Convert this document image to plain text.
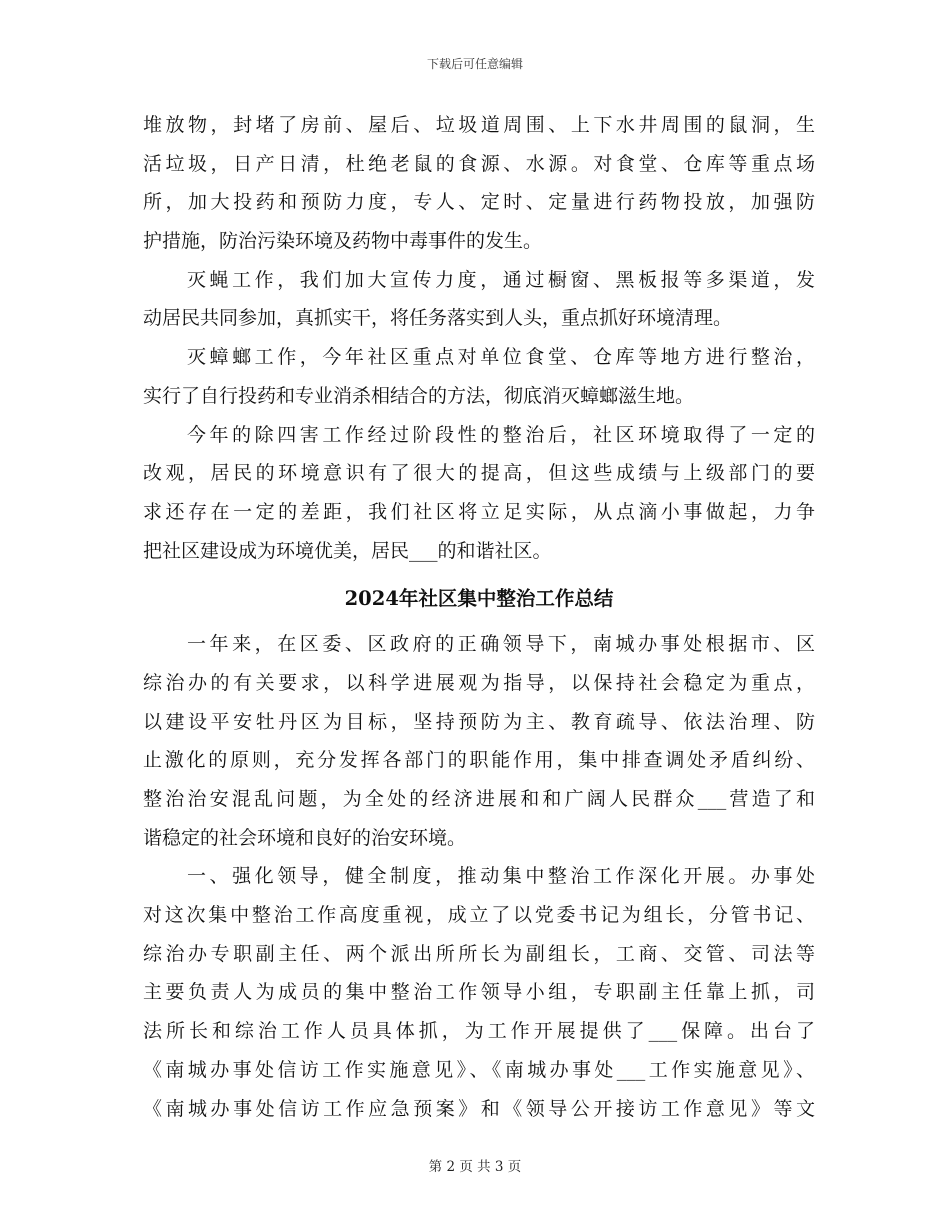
下载后可任意编辑
堆放物，封堵了房前、屋后、垃圾道周围、上下水井周围的鼠洞，生
活垃圾，日产日清，杜绝老鼠的食源、水源。对食堂、仓库等重点场
所，加大投药和预防力度，专人、定时、定量进行药物投放，加强防
护措施，防治污染环境及药物中毒事件的发生。
灭蝇工作，我们加大宣传力度，通过橱窗、黑板报等多渠道，发
动居民共同参加，真抓实干，将任务落实到人头，重点抓好环境清理。
灭蟑螂工作，今年社区重点对单位食堂、仓库等地方进行整治，
实行了自行投药和专业消杀相结合的方法，彻底消灭蟑螂滋生地。
今年的除四害工作经过阶段性的整治后，社区环境取得了一定的
改观，居民的环境意识有了很大的提高，但这些成绩与上级部门的要
求还存在一定的差距，我们社区将立足实际，从点滴小事做起，力争
把社区建设成为环境优美，居民___的和谐社区。
2024年社区集中整治工作总结
一年来，在区委、区政府的正确领导下，南城办事处根据市、区
综治办的有关要求，以科学进展观为指导，以保持社会稳定为重点，
以建设平安牡丹区为目标，坚持预防为主、教育疏导、依法治理、防
止激化的原则，充分发挥各部门的职能作用，集中排查调处矛盾纠纷、
整治治安混乱问题，为全处的经济进展和和广阔人民群众___营造了和
谐稳定的社会环境和良好的治安环境。
一、强化领导，健全制度，推动集中整治工作深化开展。办事处
对这次集中整治工作高度重视，成立了以党委书记为组长，分管书记、
综治办专职副主任、两个派出所所长为副组长，工商、交管、司法等
主要负责人为成员的集中整治工作领导小组，专职副主任靠上抓，司
法所长和综治工作人员具体抓，为工作开展提供了___保障。出台了
《南城办事处信访工作实施意见》、《南城办事处___工作实施意见》、
《南城办事处信访工作应急预案》和《领导公开接访工作意见》等文
第 2 页 共 3 页
